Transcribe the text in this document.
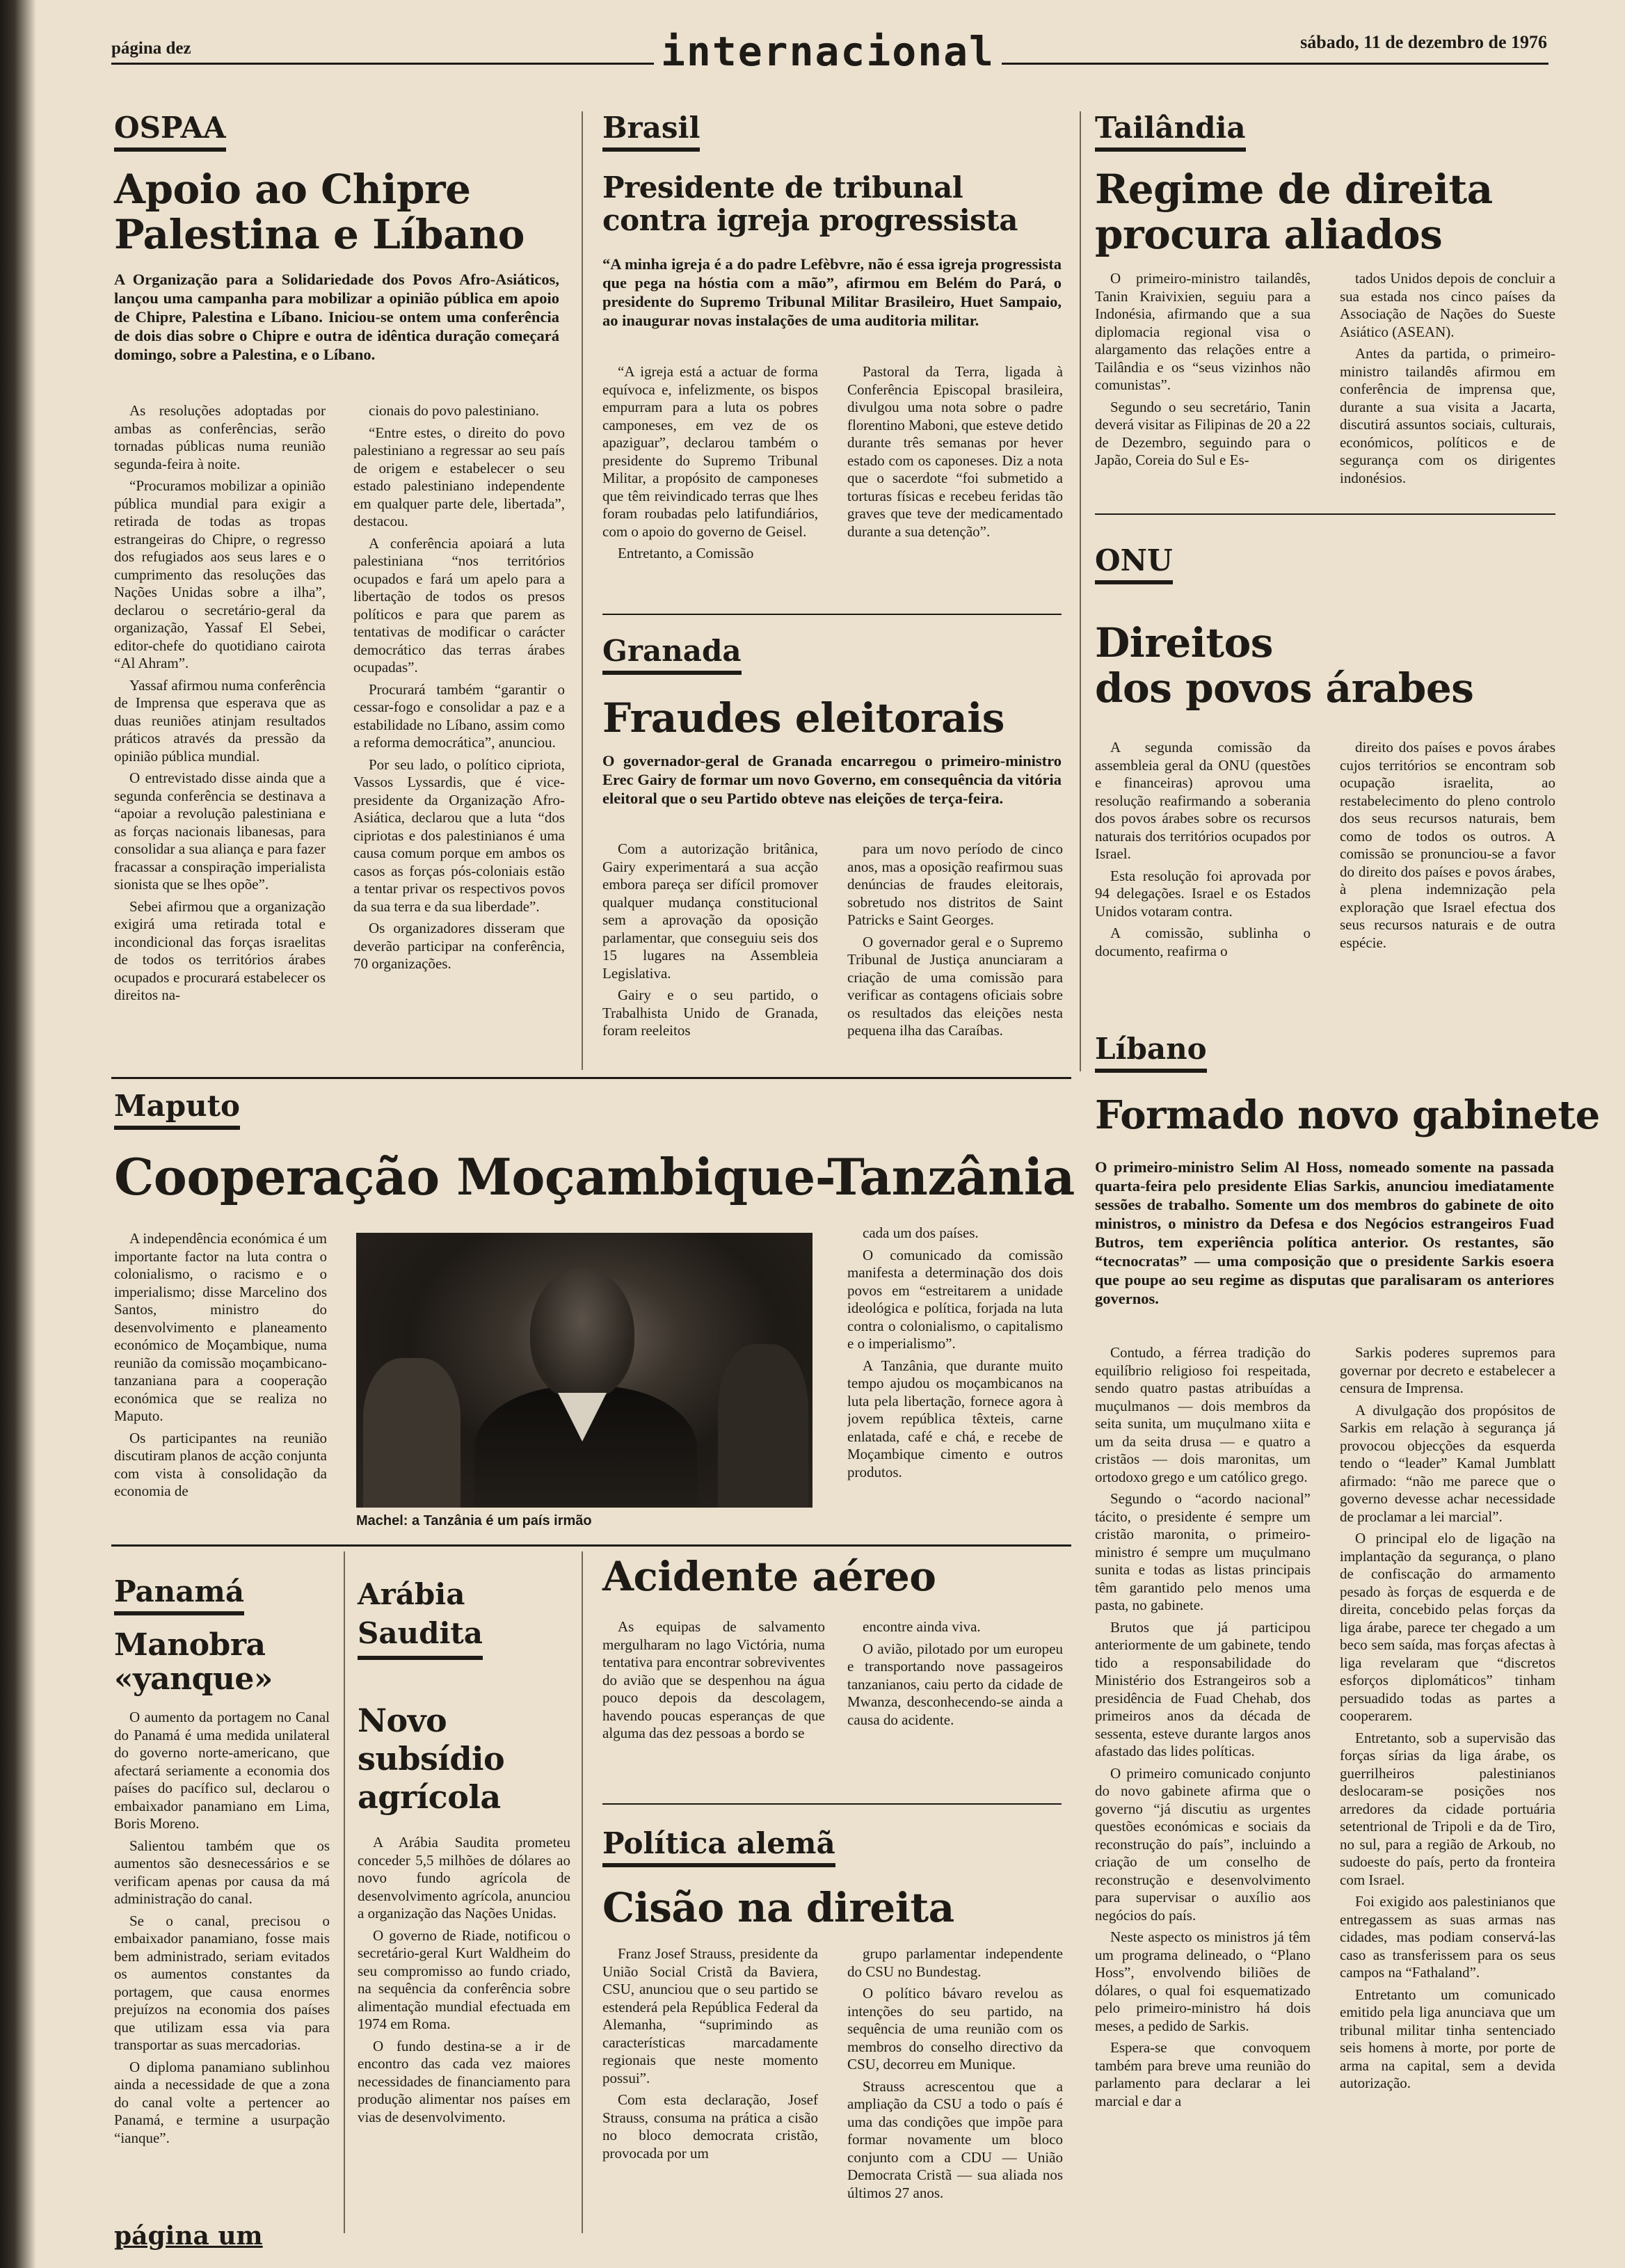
página dez	internacional	sábado, 11 de dezembro de 1976
OSPAA
Apoio ao Chipre
Palestina e Líbano

A Organização para a Solidariedade dos Povos Afro-Asiáticos, lançou uma campanha para mobilizar a opinião pública em apoio de Chipre, Palestina e Líbano. Iniciou-se ontem uma conferência de dois dias sobre o Chipre e outra de idêntica duração começará domingo, sobre a Palestina, e o Líbano.

As resoluções adoptadas por ambas as conferências, serão tornadas públicas numa reunião segunda-feira à noite.

“Procuramos mobilizar a opinião pública mundial para exigir a retirada de todas as tropas estrangeiras do Chipre, o regresso dos refugiados aos seus lares e o cumprimento das resoluções das Nações Unidas sobre a ilha”, declarou o secretário-geral da organização, Yassaf El Sebei, editor-chefe do quotidiano cairota “Al Ahram”.

Yassaf afirmou numa conferência de Imprensa que esperava que as duas reuniões atinjam resultados práticos através da pressão da opinião pública mundial.

O entrevistado disse ainda que a segunda conferência se destinava a “apoiar a revolução palestiniana e as forças nacionais libanesas, para consolidar a sua aliança e para fazer fracassar a conspiração imperialista sionista que se lhes opõe”.

Sebei afirmou que a organização exigirá uma retirada total e incondicional das forças israelitas de todos os territórios árabes ocupados e procurará estabelecer os direitos na-

cionais do povo palestiniano.

“Entre estes, o direito do povo palestiniano a regressar ao seu país de origem e estabelecer o seu estado palestiniano independente em qualquer parte dele, libertada”, destacou.

A conferência apoiará a luta palestiniana “nos territórios ocupados e fará um apelo para a libertação de todos os presos políticos e para que parem as tentativas de modificar o carácter democrático das terras árabes ocupadas”.

Procurará também “garantir o cessar-fogo e consolidar a paz e a estabilidade no Líbano, assim como a reforma democrática”, anunciou.

Por seu lado, o político cipriota, Vassos Lyssardis, que é vice-presidente da Organização Afro-Asiática, declarou que a luta “dos cipriotas e dos palestinianos é uma causa comum porque em ambos os casos as forças pós-coloniais estão a tentar privar os respectivos povos da sua terra e da sua liberdade”.

Os organizadores disseram que deverão participar na conferência, 70 organizações.

Brasil
Presidente de tribunal
contra igreja progressista

“A minha igreja é a do padre Lefèbvre, não é essa igreja progressista que pega na hóstia com a mão”, afirmou em Belém do Pará, o presidente do Supremo Tribunal Militar Brasileiro, Huet Sampaio, ao inaugurar novas instalações de uma auditoria militar.

“A igreja está a actuar de forma equívoca e, infelizmente, os bispos empurram para a luta os pobres camponeses, em vez de os apaziguar”, declarou também o presidente do Supremo Tribunal Militar, a propósito de camponeses que têm reivindicado terras que lhes foram roubadas pelo latifundiários, com o apoio do governo de Geisel.

Entretanto, a Comissão

Pastoral da Terra, ligada à Conferência Episcopal brasileira, divulgou uma nota sobre o padre florentino Maboni, que esteve detido durante três semanas por hever estado com os caponeses. Diz a nota que o sacerdote “foi submetido a torturas físicas e recebeu feridas tão graves que teve der medicamentado durante a sua detenção”.

Tailândia
Regime de direita
procura aliados

O primeiro-ministro tailandês, Tanin Kraivixien, seguiu para a Indonésia, afirmando que a sua diplomacia regional visa o alargamento das relações entre a Tailândia e os “seus vizinhos não comunistas”.

Segundo o seu secretário, Tanin deverá visitar as Filipinas de 20 a 22 de Dezembro, seguindo para o Japão, Coreia do Sul e Es-

tados Unidos depois de concluir a sua estada nos cinco países da Associação de Nações do Sueste Asiático (ASEAN).

Antes da partida, o primeiro-ministro tailandês afirmou em conferência de imprensa que, durante a sua visita a Jacarta, discutirá assuntos sociais, culturais, económicos, políticos e de segurança com os dirigentes indonésios.

ONU
Direitos
dos povos árabes

A segunda comissão da assembleia geral da ONU (questões e financeiras) aprovou uma resolução reafirmando a soberania dos povos árabes sobre os recursos naturais dos territórios ocupados por Israel.

Esta resolução foi aprovada por 94 delegações. Israel e os Estados Unidos votaram contra.

A comissão, sublinha o documento, reafirma o

direito dos países e povos árabes cujos territórios se encontram sob ocupação israelita, ao restabelecimento do pleno controlo dos seus recursos naturais, bem como de todos os outros. A comissão se pronunciou-se a favor do direito dos países e povos árabes, à plena indemnização pela exploração que Israel efectua dos seus recursos naturais e de outra espécie.

Granada
Fraudes eleitorais

O governador-geral de Granada encarregou o primeiro-ministro Erec Gairy de formar um novo Governo, em consequência da vitória eleitoral que o seu Partido obteve nas eleições de terça-feira.

Com a autorização britânica, Gairy experimentará a sua acção embora pareça ser difícil promover qualquer mudança constitucional sem a aprovação da oposição parlamentar, que conseguiu seis dos 15 lugares na Assembleia Legislativa.

Gairy e o seu partido, o Trabalhista Unido de Granada, foram reeleitos

para um novo período de cinco anos, mas a oposição reafirmou suas denúncias de fraudes eleitorais, sobretudo nos distritos de Saint Patricks e Saint Georges.

O governador geral e o Supremo Tribunal de Justiça anunciaram a criação de uma comissão para verificar as contagens oficiais sobre os resultados das eleições nesta pequena ilha das Caraíbas.

Maputo
Cooperação Moçambique-Tanzânia

A independência económica é um importante factor na luta contra o colonialismo, o racismo e o imperialismo; disse Marcelino dos Santos, ministro do desenvolvimento e planeamento económico de Moçambique, numa reunião da comissão moçambicano-tanzaniana para a cooperação económica que se realiza no Maputo.

Os participantes na reunião discutiram planos de acção conjunta com vista à consolidação da economia de

Machel: a Tanzânia é um país irmão

cada um dos países.

O comunicado da comissão manifesta a determinação dos dois povos em “estreitarem a unidade ideológica e política, forjada na luta contra o colonialismo, o capitalismo e o imperialismo”.

A Tanzânia, que durante muito tempo ajudou os moçambicanos na luta pela libertação, fornece agora à jovem república têxteis, carne enlatada, café e chá, e recebe de Moçambique cimento e outros produtos.

Líbano
Formado novo gabinete

O primeiro-ministro Selim Al Hoss, nomeado somente na passada quarta-feira pelo presidente Elias Sarkis, anunciou imediatamente sessões de trabalho. Somente um dos membros do gabinete de oito ministros, o ministro da Defesa e dos Negócios estrangeiros Fuad Butros, tem experiência política anterior. Os restantes, são “tecnocratas” — uma composição que o presidente Sarkis esoera que poupe ao seu regime as disputas que paralisaram os anteriores governos.

Contudo, a férrea tradição do equilíbrio religioso foi respeitada, sendo quatro pastas atribuídas a muçulmanos — dois membros da seita sunita, um muçulmano xiita e um da seita drusa — e quatro a cristãos — dois maronitas, um ortodoxo grego e um católico grego.

Segundo o “acordo nacional” tácito, o presidente é sempre um cristão maronita, o primeiro-ministro é sempre um muçulmano sunita e todas as listas principais têm garantido pelo menos uma pasta, no gabinete.

Brutos que já participou anteriormente de um gabinete, tendo tido a responsabilidade do Ministério dos Estrangeiros sob a presidência de Fuad Chehab, dos primeiros anos da década de sessenta, esteve durante largos anos afastado das lides políticas.

O primeiro comunicado conjunto do novo gabinete afirma que o governo “já discutiu as urgentes questões económicas e sociais da reconstrução do país”, incluindo a criação de um conselho de reconstrução e desenvolvimento para supervisar o auxílio aos negócios do país.

Neste aspecto os ministros já têm um programa delineado, o “Plano Hoss”, envolvendo biliões de dólares, o qual foi esquematizado pelo primeiro-ministro há dois meses, a pedido de Sarkis.

Espera-se que convoquem também para breve uma reunião do parlamento para declarar a lei marcial e dar a

Sarkis poderes supremos para governar por decreto e estabelecer a censura de Imprensa.

A divulgação dos propósitos de Sarkis em relação à segurança já provocou objecções da esquerda tendo o “leader” Kamal Jumblatt afirmado: “não me parece que o governo devesse achar necessidade de proclamar a lei marcial”.

O principal elo de ligação na implantação da segurança, o plano de confiscação do armamento pesado às forças de esquerda e de direita, concebido pelas forças da liga árabe, parece ter chegado a um beco sem saída, mas forças afectas à liga revelaram que “discretos esforços diplomáticos” tinham persuadido todas as partes a cooperarem.

Entretanto, sob a supervisão das forças sírias da liga árabe, os guerrilheiros palestinianos deslocaram-se posições nos arredores da cidade portuária setentrional de Tripoli e da de Tiro, no sul, para a região de Arkoub, no sudoeste do país, perto da fronteira com Israel.

Foi exigido aos palestinianos que entregassem as suas armas nas cidades, mas podiam conservá-las caso as transferissem para os seus campos na “Fathaland”.

Entretanto um comunicado emitido pela liga anunciava que um tribunal militar tinha sentenciado seis homens à morte, por porte de arma na capital, sem a devida autorização.

Panamá
Manobra
«yanque»

O aumento da portagem no Canal do Panamá é uma medida unilateral do governo norte-americano, que afectará seriamente a economia dos países do pacífico sul, declarou o embaixador panamiano em Lima, Boris Moreno.

Salientou também que os aumentos são desnecessários e se verificam apenas por causa da má administração do canal.

Se o canal, precisou o embaixador panamiano, fosse mais bem administrado, seriam evitados os aumentos constantes da portagem, que causa enormes prejuízos na economia dos países que utilizam essa via para transportar as suas mercadorias.

O diploma panamiano sublinhou ainda a necessidade de que a zona do canal volte a pertencer ao Panamá, e termine a usurpação “ianque”.

Arábia
Saudita
Novo
subsídio
agrícola

A Arábia Saudita prometeu conceder 5,5 milhões de dólares ao novo fundo agrícola de desenvolvimento agrícola, anunciou a organização das Nações Unidas.

O governo de Riade, notificou o secretário-geral Kurt Waldheim do seu compromisso ao fundo criado, na sequência da conferência sobre alimentação mundial efectuada em 1974 em Roma.

O fundo destina-se a ir de encontro das cada vez maiores necessidades de financiamento para produção alimentar nos países em vias de desenvolvimento.

Acidente aéreo

As equipas de salvamento mergulharam no lago Victória, numa tentativa para encontrar sobreviventes do avião que se despenhou na água pouco depois da descolagem, havendo poucas esperanças de que alguma das dez pessoas a bordo se

encontre ainda viva.

O avião, pilotado por um europeu e transportando nove passageiros tanzanianos, caiu perto da cidade de Mwanza, desconhecendo-se ainda a causa do acidente.

Política alemã
Cisão na direita

Franz Josef Strauss, presidente da União Social Cristã da Baviera, CSU, anunciou que o seu partido se estenderá pela República Federal da Alemanha, “suprimindo as características marcadamente regionais que neste momento possui”.

Com esta declaração, Josef Strauss, consuma na prática a cisão no bloco democrata cristão, provocada por um

grupo parlamentar independente do CSU no Bundestag.

O político bávaro revelou as intenções do seu partido, na sequência de uma reunião com os membros do conselho directivo da CSU, decorreu em Munique.

Strauss acrescentou que a ampliação da CSU a todo o país é uma das condições que impõe para formar novamente um bloco conjunto com a CDU — União Democrata Cristã — sua aliada nos últimos 27 anos.

página um
